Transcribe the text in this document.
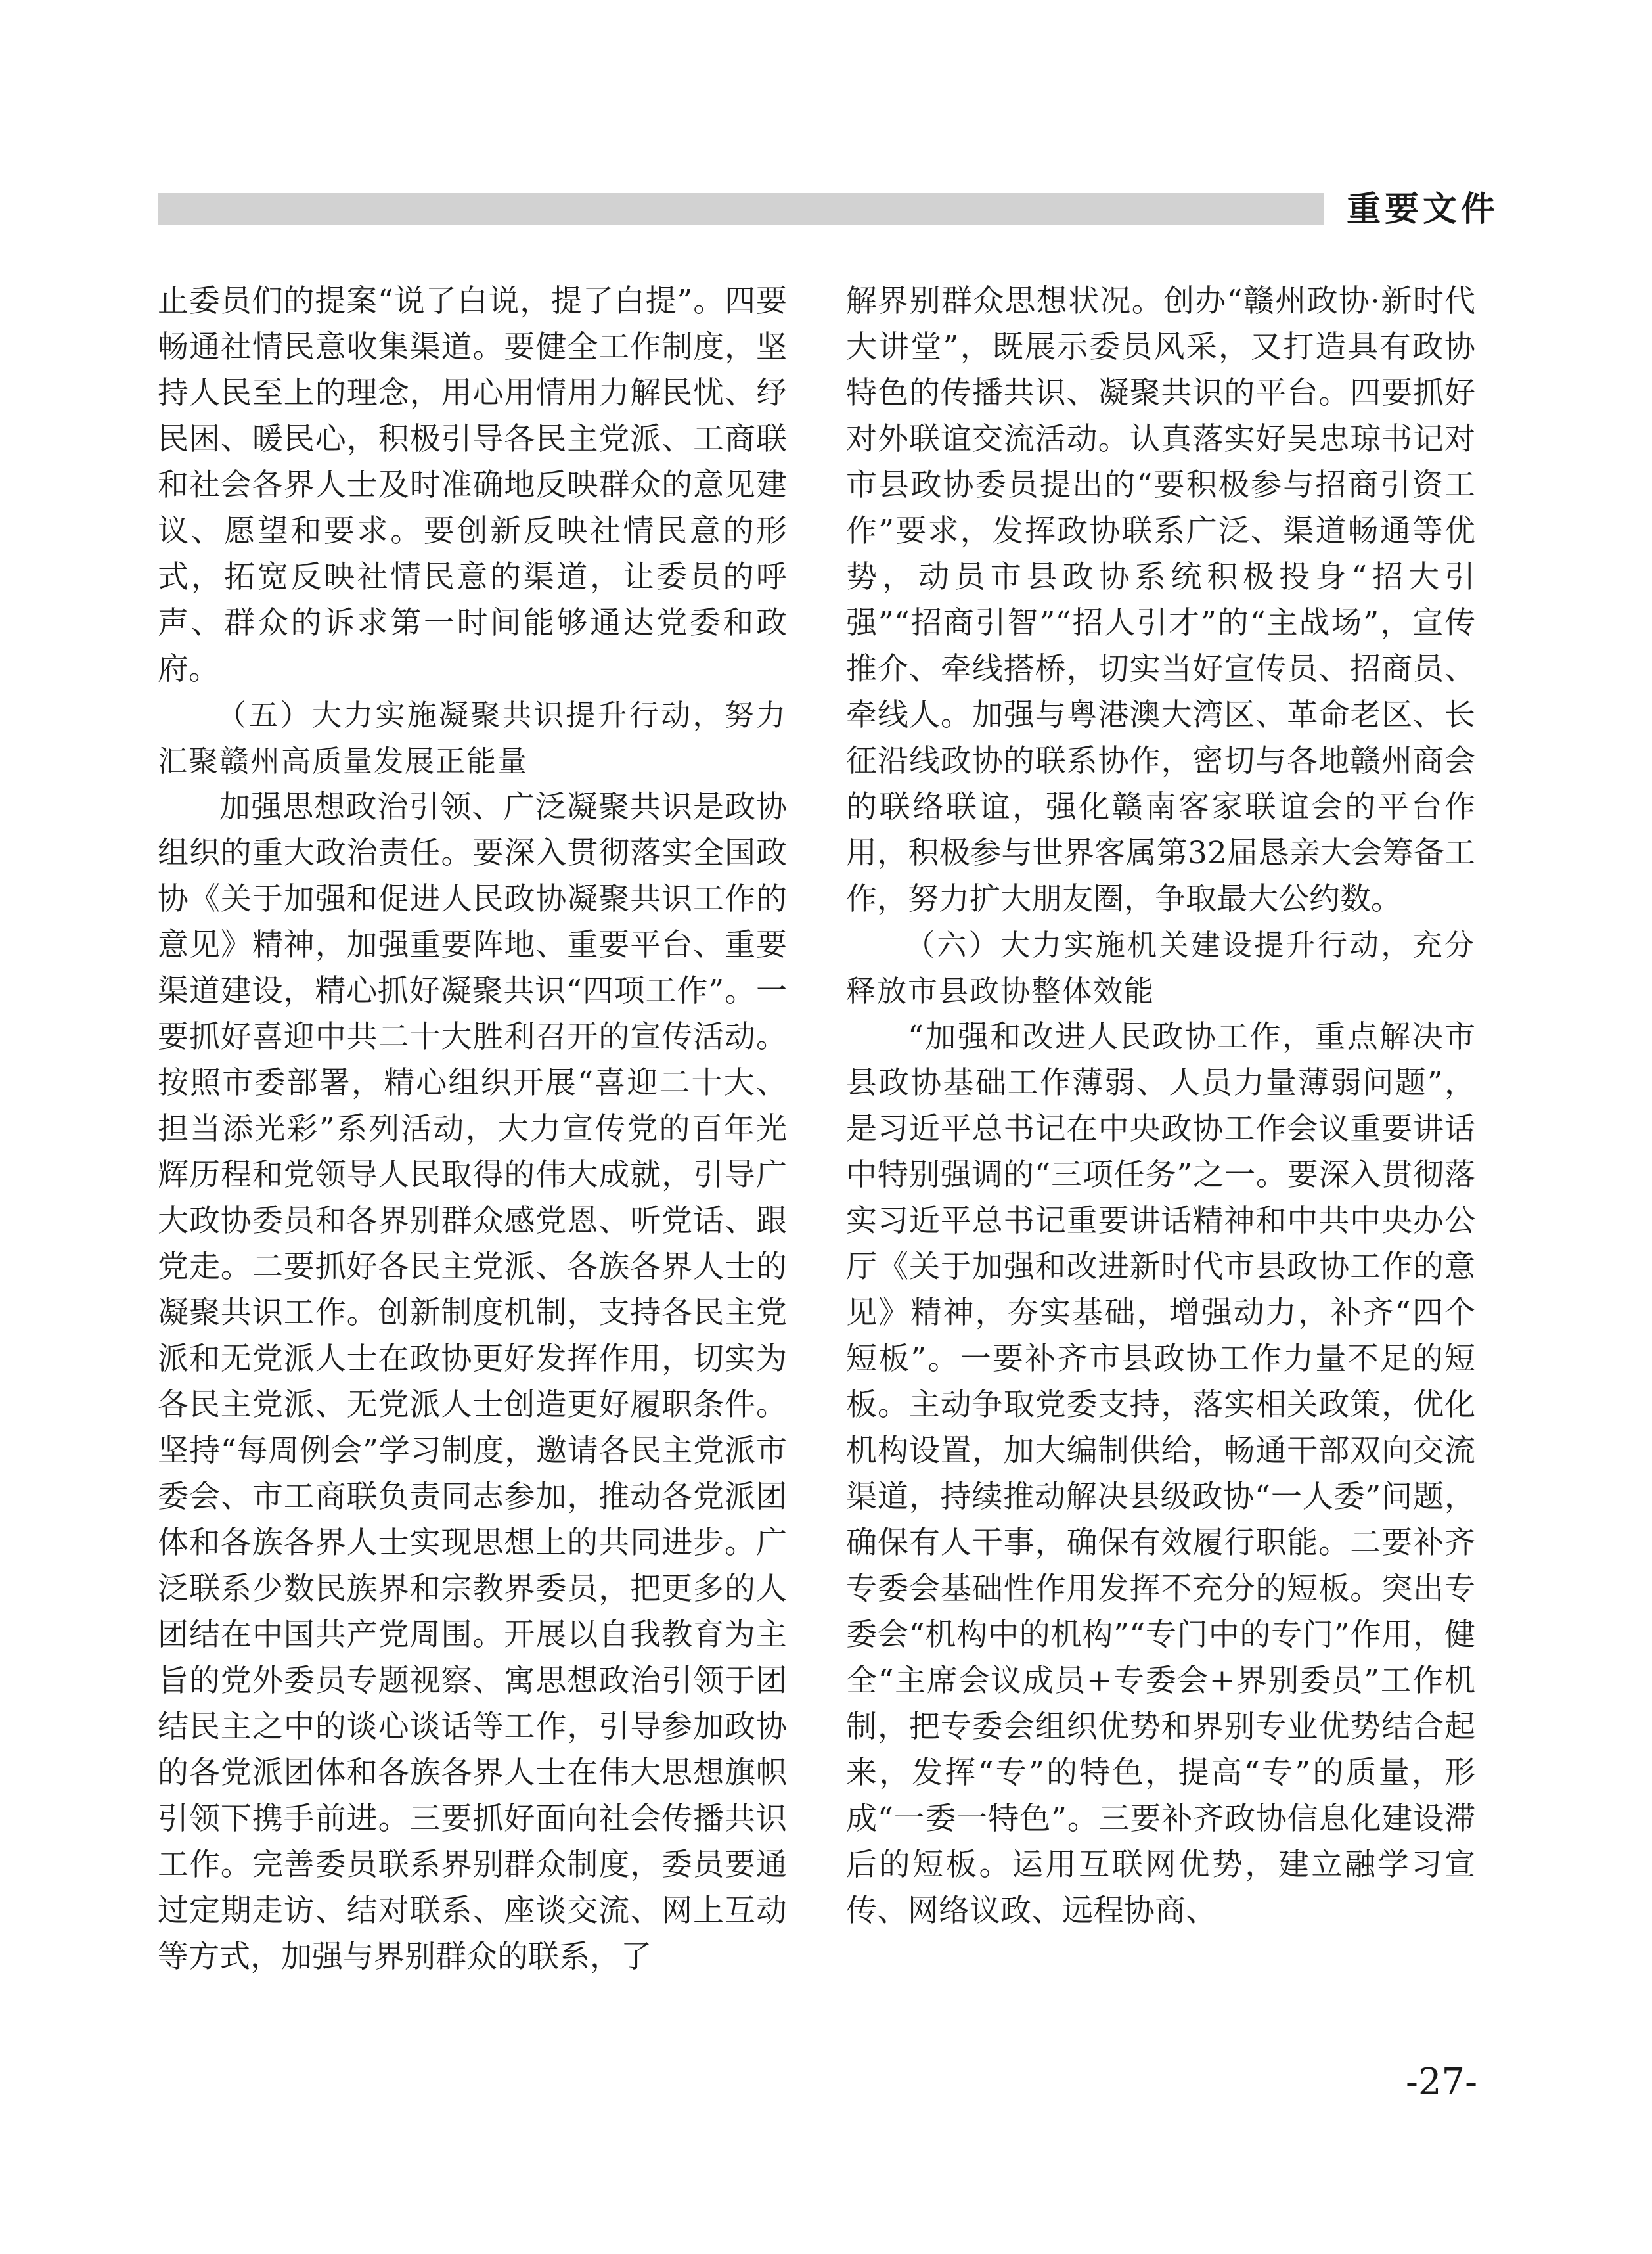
重要文件

止委员们的提案“说了白说，提了白提”。四要畅通社情民意收集渠道。要健全工作制度，坚持人民至上的理念，用心用情用力解民忧、纾民困、暖民心，积极引导各民主党派、工商联和社会各界人士及时准确地反映群众的意见建议、愿望和要求。要创新反映社情民意的形式，拓宽反映社情民意的渠道，让委员的呼声、群众的诉求第一时间能够通达党委和政府。

（五）大力实施凝聚共识提升行动，努力汇聚赣州高质量发展正能量

加强思想政治引领、广泛凝聚共识是政协组织的重大政治责任。要深入贯彻落实全国政协《关于加强和促进人民政协凝聚共识工作的意见》精神，加强重要阵地、重要平台、重要渠道建设，精心抓好凝聚共识“四项工作”。一要抓好喜迎中共二十大胜利召开的宣传活动。按照市委部署，精心组织开展“喜迎二十大、担当添光彩”系列活动，大力宣传党的百年光辉历程和党领导人民取得的伟大成就，引导广大政协委员和各界别群众感党恩、听党话、跟党走。二要抓好各民主党派、各族各界人士的凝聚共识工作。创新制度机制，支持各民主党派和无党派人士在政协更好发挥作用，切实为各民主党派、无党派人士创造更好履职条件。坚持“每周例会”学习制度，邀请各民主党派市委会、市工商联负责同志参加，推动各党派团体和各族各界人士实现思想上的共同进步。广泛联系少数民族界和宗教界委员，把更多的人团结在中国共产党周围。开展以自我教育为主旨的党外委员专题视察、寓思想政治引领于团结民主之中的谈心谈话等工作，引导参加政协的各党派团体和各族各界人士在伟大思想旗帜引领下携手前进。三要抓好面向社会传播共识工作。完善委员联系界别群众制度，委员要通过定期走访、结对联系、座谈交流、网上互动等方式，加强与界别群众的联系，了

解界别群众思想状况。创办“赣州政协·新时代大讲堂”，既展示委员风采，又打造具有政协特色的传播共识、凝聚共识的平台。四要抓好对外联谊交流活动。认真落实好吴忠琼书记对市县政协委员提出的“要积极参与招商引资工作”要求，发挥政协联系广泛、渠道畅通等优势，动员市县政协系统积极投身“招大引强”“招商引智”“招人引才”的“主战场”，宣传推介、牵线搭桥，切实当好宣传员、招商员、牵线人。加强与粤港澳大湾区、革命老区、长征沿线政协的联系协作，密切与各地赣州商会的联络联谊，强化赣南客家联谊会的平台作用，积极参与世界客属第32届恳亲大会筹备工作，努力扩大朋友圈，争取最大公约数。

（六）大力实施机关建设提升行动，充分释放市县政协整体效能

“加强和改进人民政协工作，重点解决市县政协基础工作薄弱、人员力量薄弱问题”，是习近平总书记在中央政协工作会议重要讲话中特别强调的“三项任务”之一。要深入贯彻落实习近平总书记重要讲话精神和中共中央办公厅《关于加强和改进新时代市县政协工作的意见》精神，夯实基础，增强动力，补齐“四个短板”。一要补齐市县政协工作力量不足的短板。主动争取党委支持，落实相关政策，优化机构设置，加大编制供给，畅通干部双向交流渠道，持续推动解决县级政协“一人委”问题，确保有人干事，确保有效履行职能。二要补齐专委会基础性作用发挥不充分的短板。突出专委会“机构中的机构”“专门中的专门”作用，健全“主席会议成员+专委会+界别委员”工作机制，把专委会组织优势和界别专业优势结合起来，发挥“专”的特色，提高“专”的质量，形成“一委一特色”。三要补齐政协信息化建设滞后的短板。运用互联网优势，建立融学习宣传、网络议政、远程协商、

-27-
